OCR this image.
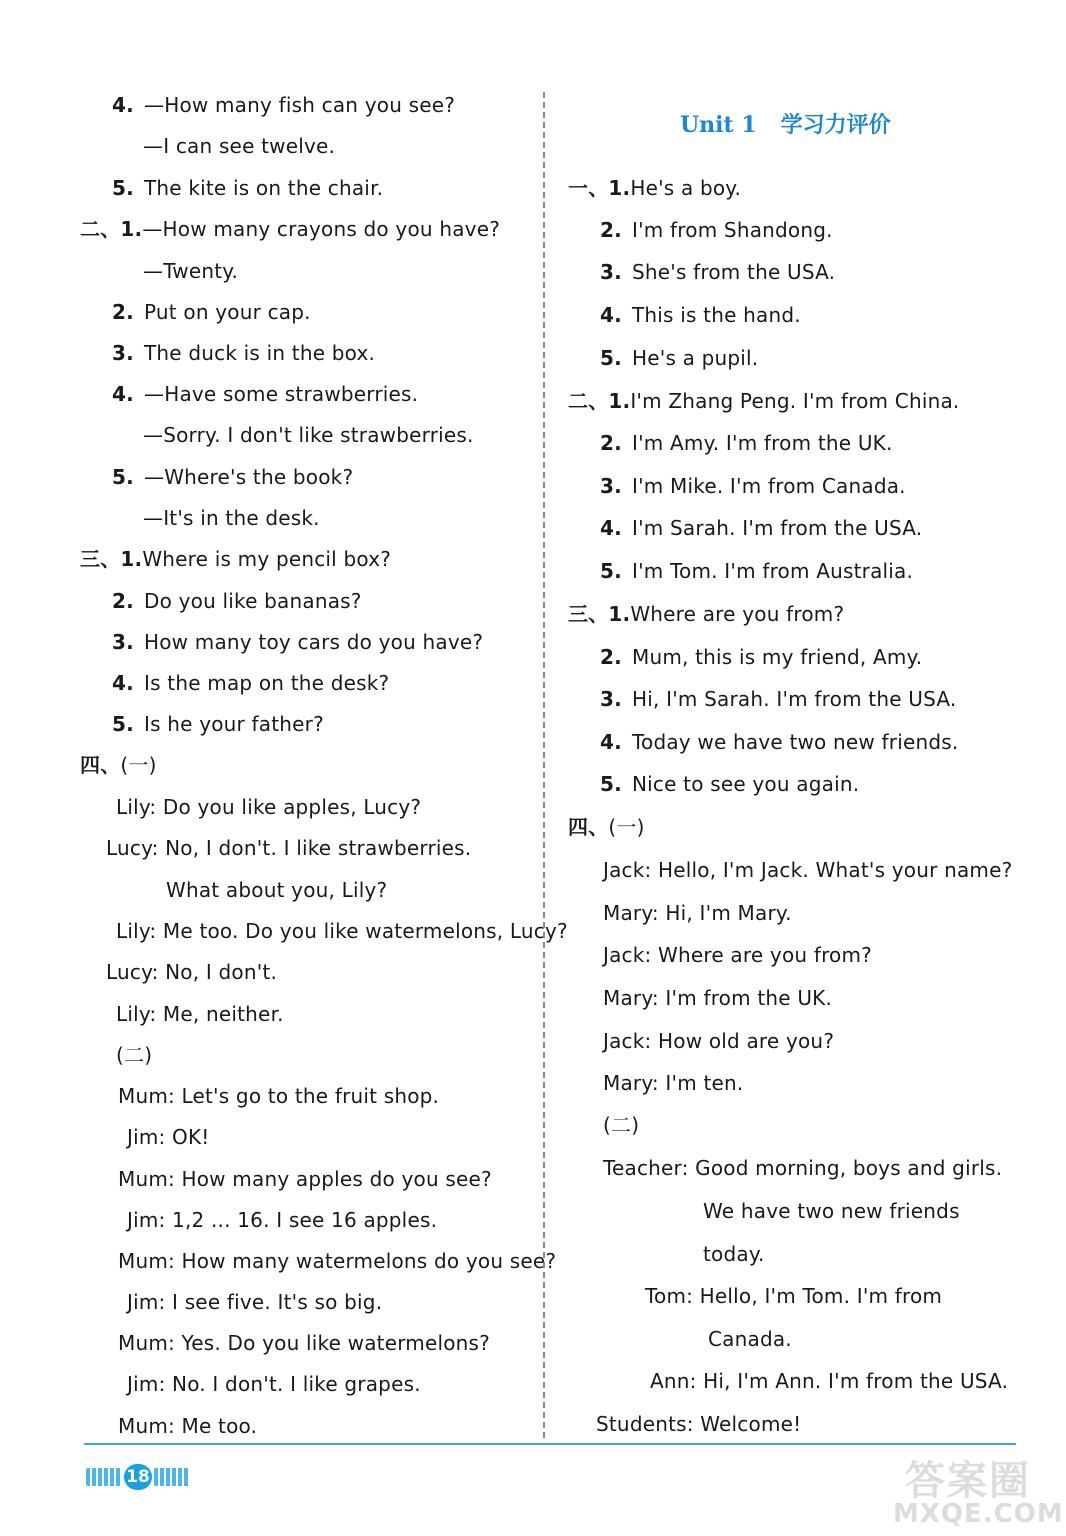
4. —How many fish can you see?
—I can see twelve.
5. The kite is on the chair.
二、1.—How many crayons do you have?
—Twenty.
2. Put on your cap.
3. The duck is in the box.
4. —Have some strawberries.
—Sorry. I don't like strawberries.
5. —Where's the book?
—It's in the desk.
三、1.Where is my pencil box?
2. Do you like bananas?
3. How many toy cars do you have?
4. Is the map on the desk?
5. Is he your father?
四、(一)
Lily: Do you like apples, Lucy?
Lucy: No, I don't. I like strawberries.
What about you, Lily?
Lily: Me too. Do you like watermelons, Lucy?
Lucy: No, I don't.
Lily: Me, neither.
(二)
Mum: Let's go to the fruit shop.
Jim: OK!
Mum: How many apples do you see?
Jim: 1,2 ... 16. I see 16 apples.
Mum: How many watermelons do you see?
Jim: I see five. It's so big.
Mum: Yes. Do you like watermelons?
Jim: No. I don't. I like grapes.
Mum: Me too.
一、1.He's a boy.
2. I'm from Shandong.
3. She's from the USA.
4. This is the hand.
5. He's a pupil.
二、1.I'm Zhang Peng. I'm from China.
2. I'm Amy. I'm from the UK.
3. I'm Mike. I'm from Canada.
4. I'm Sarah. I'm from the USA.
5. I'm Tom. I'm from Australia.
三、1.Where are you from?
2. Mum, this is my friend, Amy.
3. Hi, I'm Sarah. I'm from the USA.
4. Today we have two new friends.
5. Nice to see you again.
四、(一)
Jack: Hello, I'm Jack. What's your name?
Mary: Hi, I'm Mary.
Jack: Where are you from?
Mary: I'm from the UK.
Jack: How old are you?
Mary: I'm ten.
(二)
Teacher: Good morning, boys and girls.
We have two new friends
today.
Tom: Hello, I'm Tom. I'm from
Canada.
Ann: Hi, I'm Ann. I'm from the USA.
Students: Welcome!
Unit 1 学习力评价
18	答案圈
MXQE.COM
